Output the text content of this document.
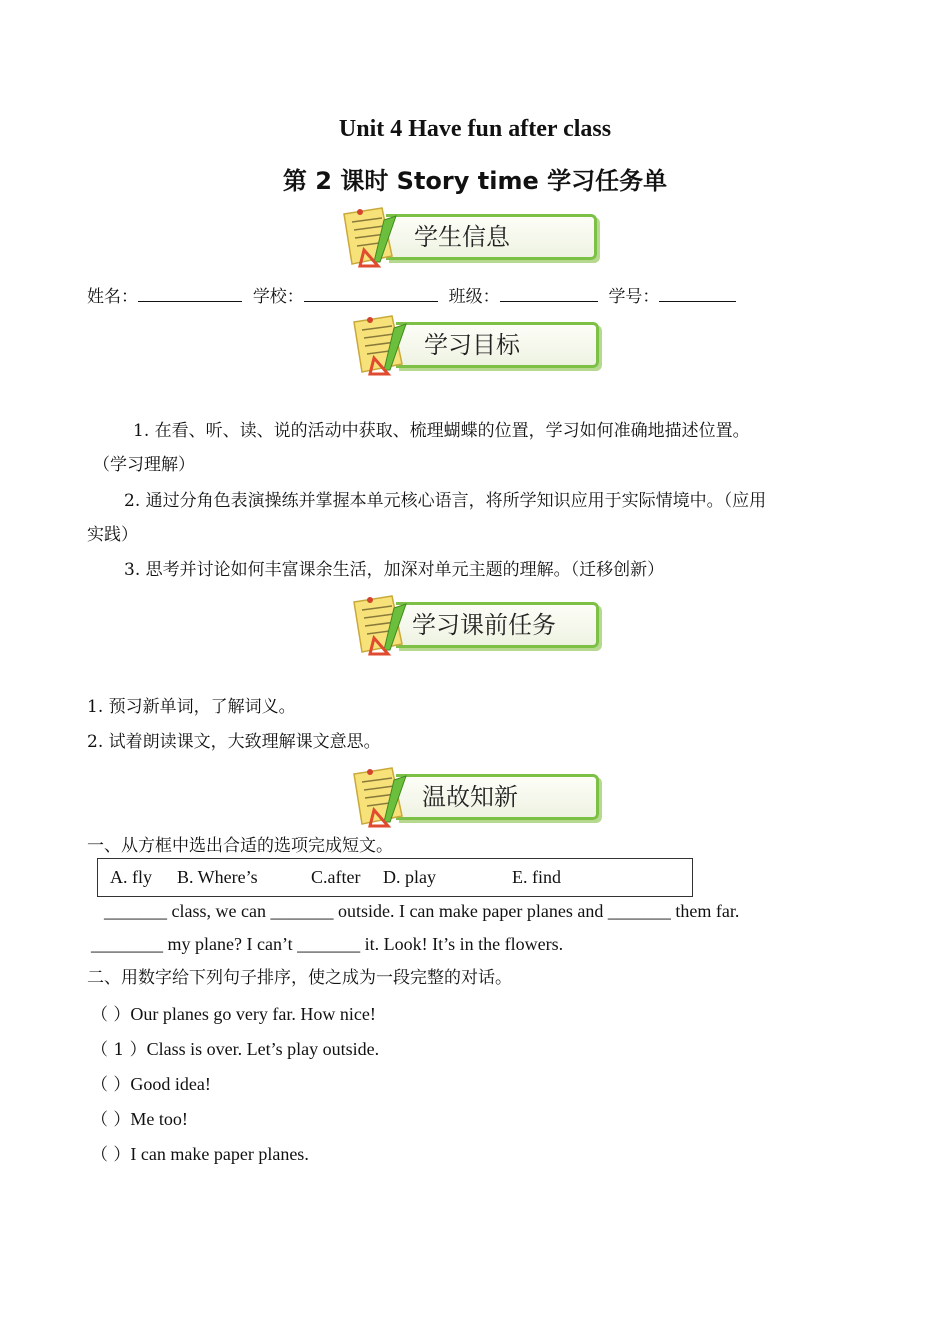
Unit 4 Have fun after class
第 2 课时 Story time 学习任务单
学生信息
姓名：	学校：	班级：	学号：
学习目标
1. 在看、听、读、说的活动中获取、梳理蝴蝶的位置，学习如何准确地描述位置。
（学习理解）
2. 通过分角色表演操练并掌握本单元核心语言，将所学知识应用于实际情境中。（应用
实践）
3. 思考并讨论如何丰富课余生活，加深对单元主题的理解。（迁移创新）
学习课前任务
1. 预习新单词，了解词义。
2. 试着朗读课文，大致理解课文意思。
温故知新
一、从方框中选出合适的选项完成短文。
A. fly B. Where’s	C.after D. play	E. find
_______ class, we can _______ outside. I can make paper planes and _______ them far.
________ my plane? I can’t _______ it. Look! It’s in the flowers.
二、用数字给下列句子排序，使之成为一段完整的对话。
（ ）Our planes go very far. How nice!
（ 1 ）Class is over. Let’s play outside.
（ ）Good idea!
（ ）Me too!
（ ）I can make paper planes.
